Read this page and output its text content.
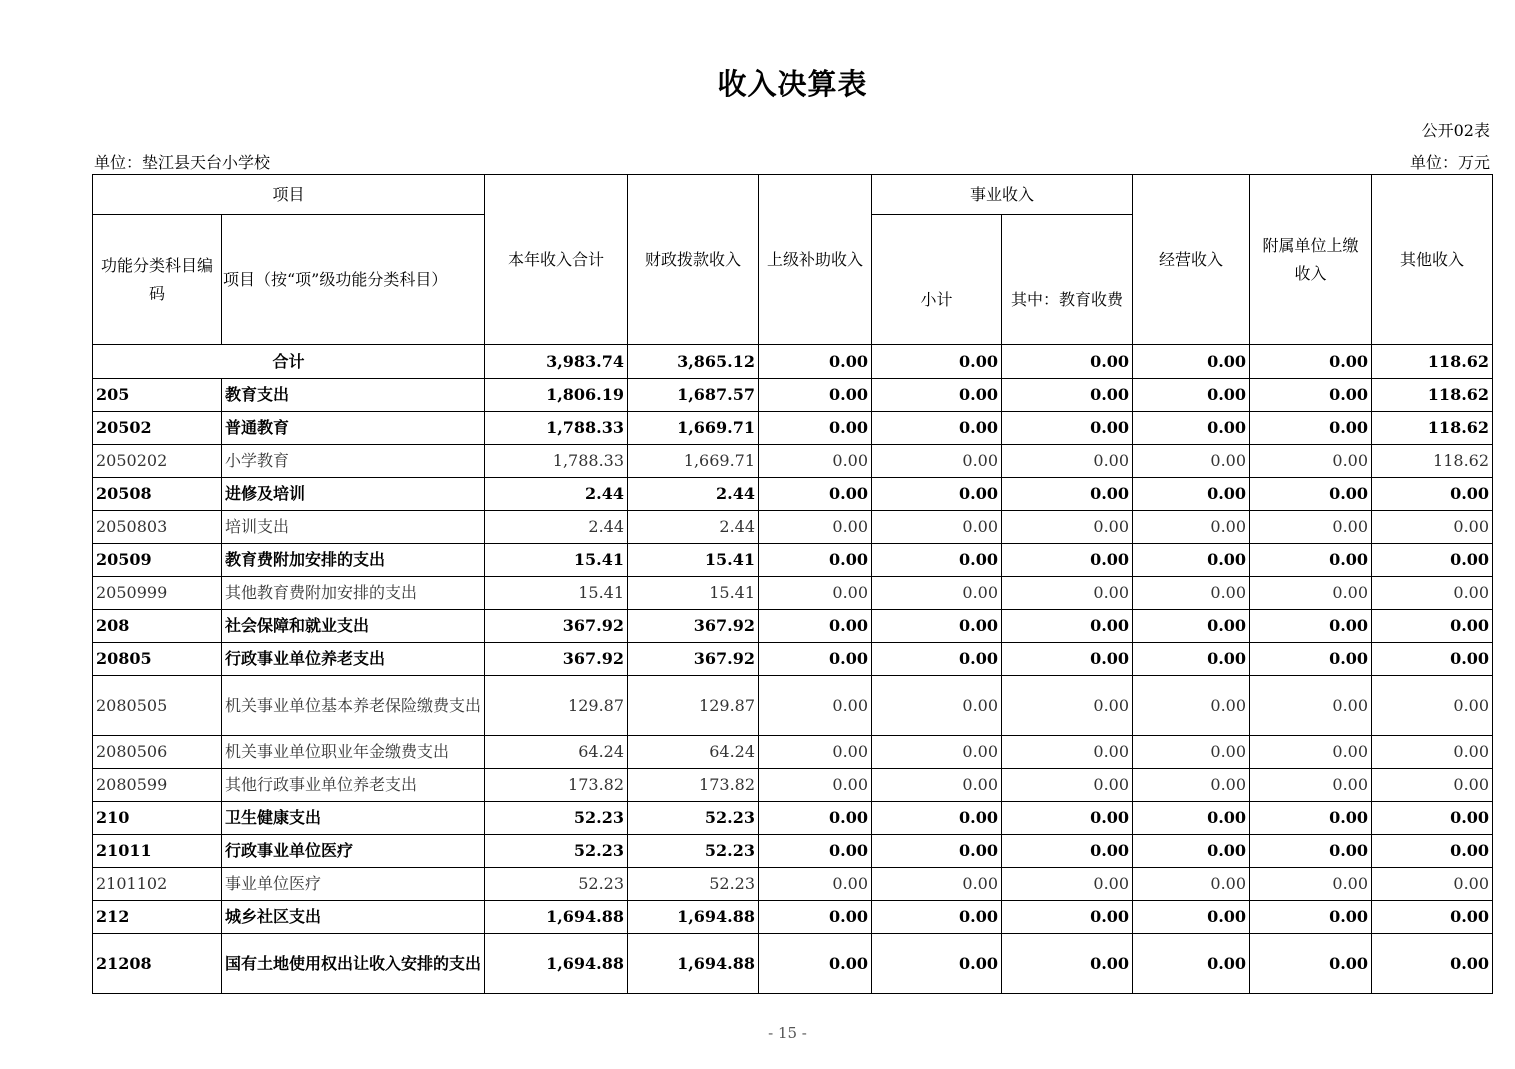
收入决算表
公开02表
单位：垫江县天台小学校	单位：万元
项目		本年收入合计	财政拨款收入	上级补助收入	事业收入		经营收入	附属单位上缴收入	其他收入
功能分类科目编码	项目（按“项”级功能分类科目）				小计	其中：教育收费			
合计		3,983.74	3,865.12	0.00	0.00	0.00	0.00	0.00	118.62
205	教育支出	1,806.19	1,687.57	0.00	0.00	0.00	0.00	0.00	118.62
20502	普通教育	1,788.33	1,669.71	0.00	0.00	0.00	0.00	0.00	118.62
2050202	小学教育	1,788.33	1,669.71	0.00	0.00	0.00	0.00	0.00	118.62
20508	进修及培训	2.44	2.44	0.00	0.00	0.00	0.00	0.00	0.00
2050803	培训支出	2.44	2.44	0.00	0.00	0.00	0.00	0.00	0.00
20509	教育费附加安排的支出	15.41	15.41	0.00	0.00	0.00	0.00	0.00	0.00
2050999	其他教育费附加安排的支出	15.41	15.41	0.00	0.00	0.00	0.00	0.00	0.00
208	社会保障和就业支出	367.92	367.92	0.00	0.00	0.00	0.00	0.00	0.00
20805	行政事业单位养老支出	367.92	367.92	0.00	0.00	0.00	0.00	0.00	0.00
2080505	机关事业单位基本养老保险缴费支出	129.87	129.87	0.00	0.00	0.00	0.00	0.00	0.00
2080506	机关事业单位职业年金缴费支出	64.24	64.24	0.00	0.00	0.00	0.00	0.00	0.00
2080599	其他行政事业单位养老支出	173.82	173.82	0.00	0.00	0.00	0.00	0.00	0.00
210	卫生健康支出	52.23	52.23	0.00	0.00	0.00	0.00	0.00	0.00
21011	行政事业单位医疗	52.23	52.23	0.00	0.00	0.00	0.00	0.00	0.00
2101102	事业单位医疗	52.23	52.23	0.00	0.00	0.00	0.00	0.00	0.00
212	城乡社区支出	1,694.88	1,694.88	0.00	0.00	0.00	0.00	0.00	0.00
21208	国有土地使用权出让收入安排的支出	1,694.88	1,694.88	0.00	0.00	0.00	0.00	0.00	0.00
- 15 -
